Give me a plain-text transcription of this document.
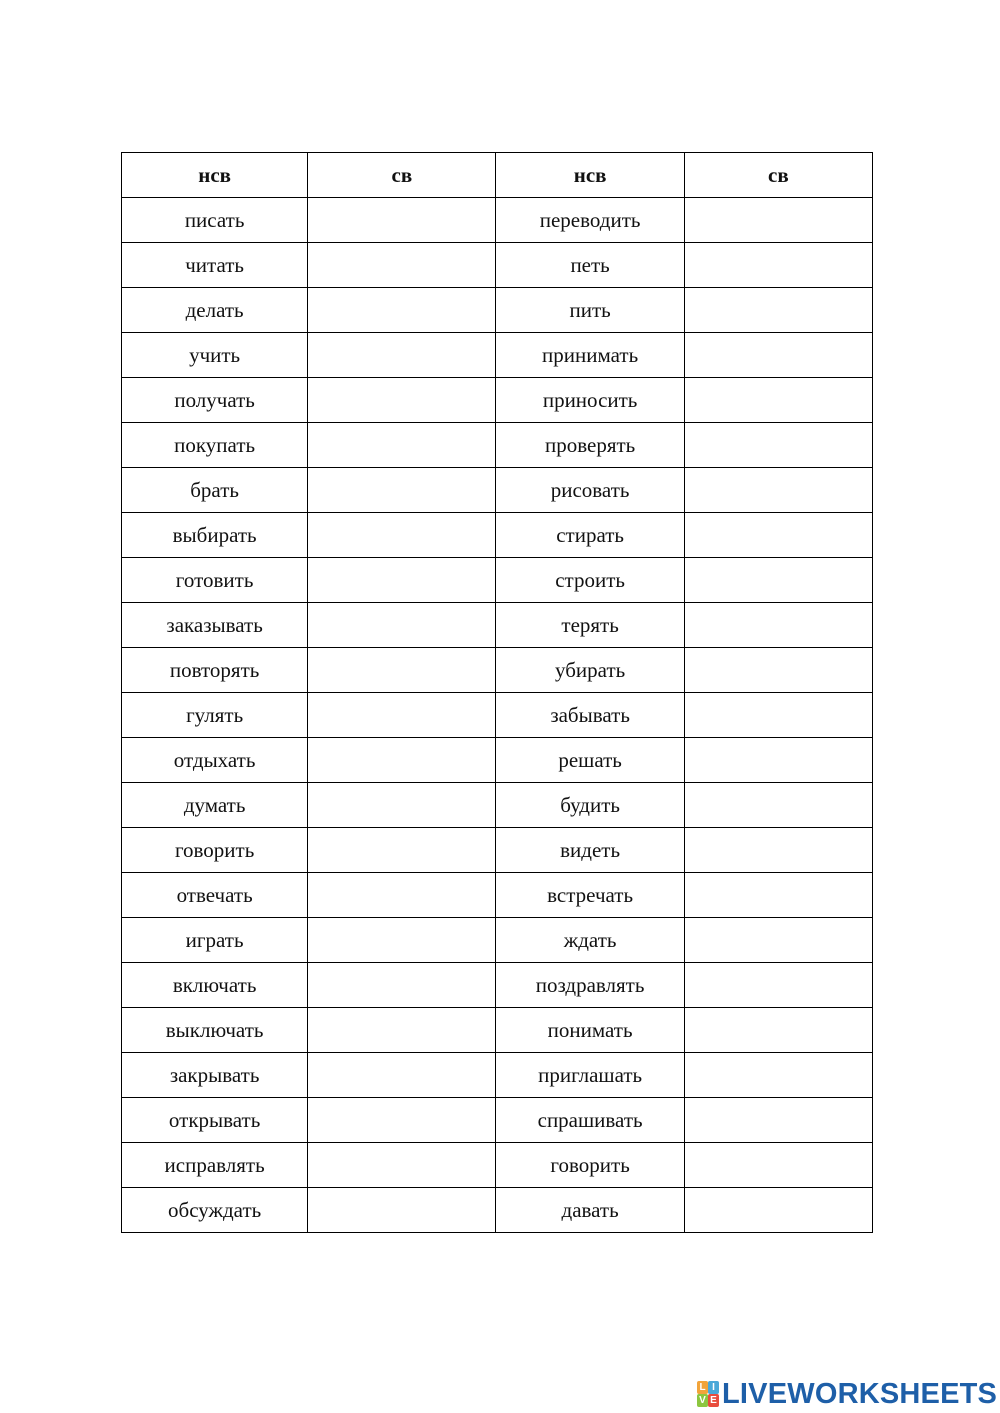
нсв	св	нсв	св
писать		переводить	
читать		петь	
делать		пить	
учить		принимать	
получать		приносить	
покупать		проверять	
брать		рисовать	
выбирать		стирать	
готовить		строить	
заказывать		терять	
повторять		убирать	
гулять		забывать	
отдыхать		решать	
думать		будить	
говорить		видеть	
отвечать		встречать	
играть		ждать	
включать		поздравлять	
выключать		понимать	
закрывать		приглашать	
открывать		спрашивать	
исправлять		говорить	
обсуждать		давать	
L I
V E LIVEWORKSHEETS
